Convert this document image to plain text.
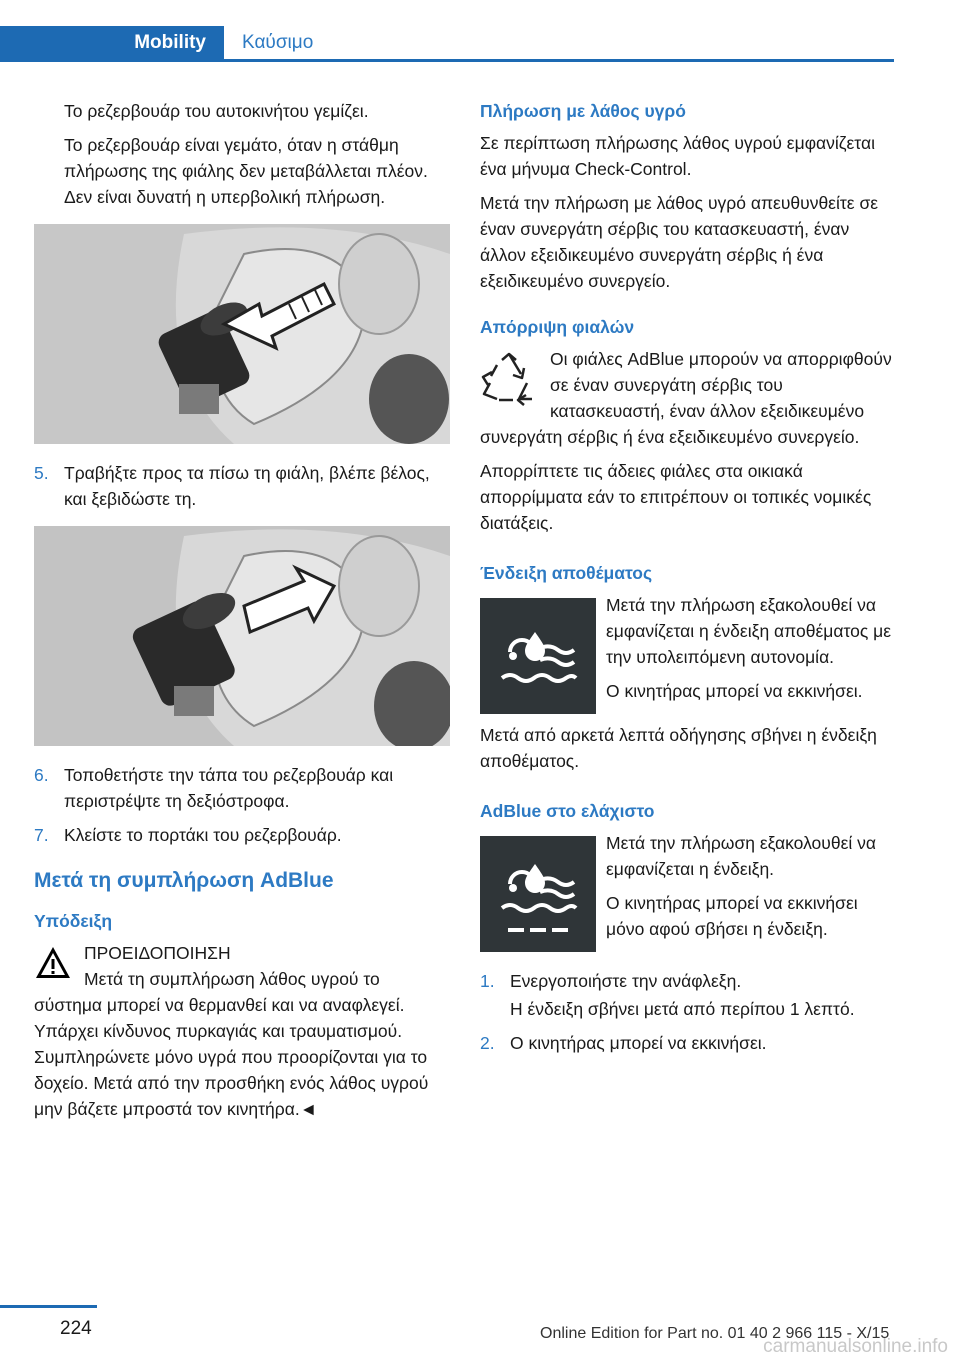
Mobility	Καύσιμο

Το ρεζερβουάρ του αυτοκινήτου γεμίζει.

Το ρεζερβουάρ είναι γεμάτο, όταν η στάθμη πλήρωσης της φιάλης δεν μεταβάλλεται πλέον. Δεν είναι δυνατή η υπερβολική πλήρωση.

5. Τραβήξτε προς τα πίσω τη φιάλη, βλέπε βέλος, και ξεβιδώστε τη.
6. Τοποθετήστε την τάπα του ρεζερβουάρ και περιστρέψτε τη δεξιόστροφα.
7. Κλείστε το πορτάκι του ρεζερβουάρ.
Μετά τη συμπλήρωση AdBlue
Υπόδειξη

ΠΡΟΕΙΔΟΠΟΙΗΣΗ

Μετά τη συμπλήρωση λάθος υγρού το σύστημα μπορεί να θερμανθεί και να αναφλεγεί. Υπάρχει κίνδυνος πυρκαγιάς και τραυματισμού. Συμπληρώνετε μόνο υγρά που προορίζονται για το δοχείο. Μετά από την προσθήκη ενός λάθος υγρού μην βάζετε μπροστά τον κινητήρα.◄

Πλήρωση με λάθος υγρό

Σε περίπτωση πλήρωσης λάθος υγρού εμφανίζεται ένα μήνυμα Check-Control.

Μετά την πλήρωση με λάθος υγρό απευθυνθείτε σε έναν συνεργάτη σέρβις του κατασκευαστή, έναν άλλον εξειδικευμένο συνεργάτη σέρβις ή ένα εξειδικευμένο συνεργείο.

Απόρριψη φιαλών

Οι φιάλες AdBlue μπορούν να απορριφθούν σε έναν συνεργάτη σέρβις του κατασκευαστή, έναν άλλον εξειδικευμένο συνεργάτη σέρβις ή ένα εξειδικευμένο συνεργείο.

Απορρίπτετε τις άδειες φιάλες στα οικιακά απορρίμματα εάν το επιτρέπουν οι τοπικές νομικές διατάξεις.

Ένδειξη αποθέματος

Μετά την πλήρωση εξακολουθεί να εμφανίζεται η ένδειξη αποθέματος με την υπολειπόμενη αυτονομία.

Ο κινητήρας μπορεί να εκκινήσει.

Μετά από αρκετά λεπτά οδήγησης σβήνει η ένδειξη αποθέματος.

AdBlue στο ελάχιστο

Μετά την πλήρωση εξακολουθεί να εμφανίζεται η ένδειξη.

Ο κινητήρας μπορεί να εκκινήσει μόνο αφού σβήσει η ένδειξη.

1. Ενεργοποιήστε την ανάφλεξη.

Η ένδειξη σβήνει μετά από περίπου 1 λεπτό.

2. Ο κινητήρας μπορεί να εκκινήσει.
224	Online Edition for Part no. 01 40 2 966 115 - X/15
carmanualsonline.info
